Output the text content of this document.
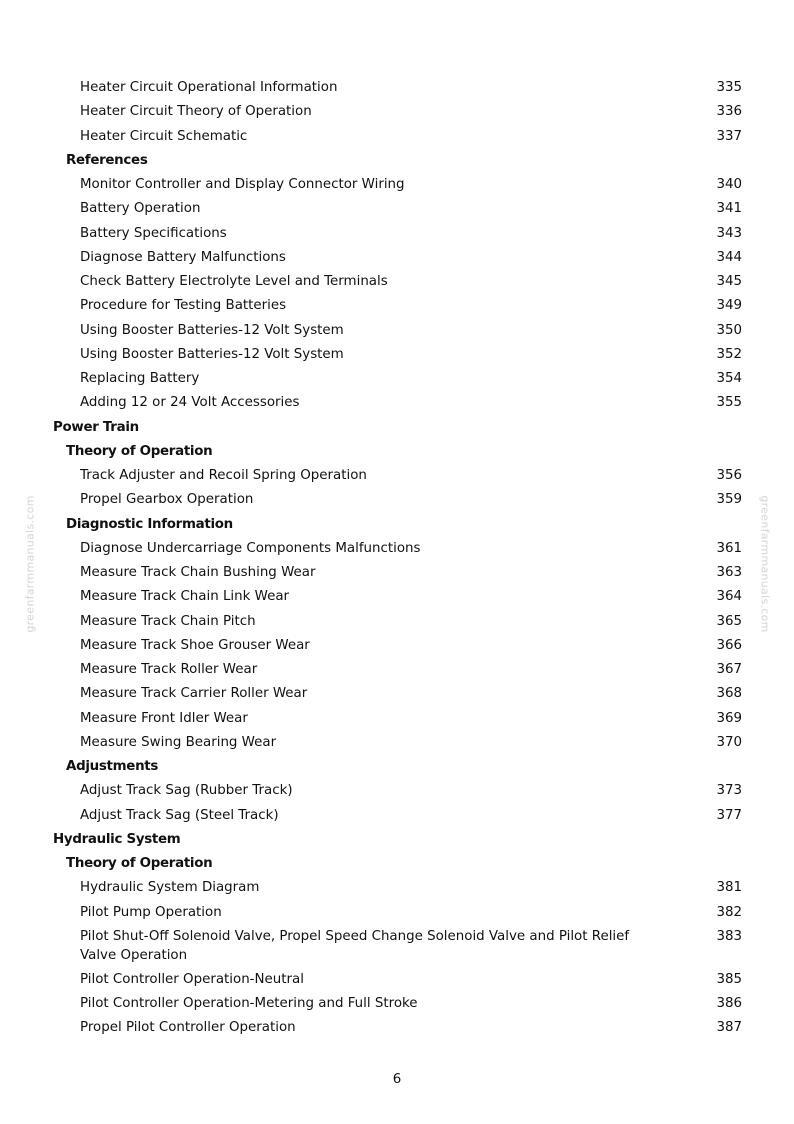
greenfarmmanuals.com	greenfarmmanuals.com
Heater Circuit Operational Information	335
Heater Circuit Theory of Operation	336
Heater Circuit Schematic	337
References
Monitor Controller and Display Connector Wiring	340
Battery Operation	341
Battery Specifications	343
Diagnose Battery Malfunctions	344
Check Battery Electrolyte Level and Terminals	345
Procedure for Testing Batteries	349
Using Booster Batteries-12 Volt System	350
Using Booster Batteries-12 Volt System	352
Replacing Battery	354
Adding 12 or 24 Volt Accessories	355
Power Train
Theory of Operation
Track Adjuster and Recoil Spring Operation	356
Propel Gearbox Operation	359
Diagnostic Information
Diagnose Undercarriage Components Malfunctions	361
Measure Track Chain Bushing Wear	363
Measure Track Chain Link Wear	364
Measure Track Chain Pitch	365
Measure Track Shoe Grouser Wear	366
Measure Track Roller Wear	367
Measure Track Carrier Roller Wear	368
Measure Front Idler Wear	369
Measure Swing Bearing Wear	370
Adjustments
Adjust Track Sag (Rubber Track)	373
Adjust Track Sag (Steel Track)	377
Hydraulic System
Theory of Operation
Hydraulic System Diagram	381
Pilot Pump Operation	382
Pilot Shut-Off Solenoid Valve, Propel Speed Change Solenoid Valve and Pilot Relief Valve Operation
383
Pilot Controller Operation-Neutral	385
Pilot Controller Operation-Metering and Full Stroke	386
Propel Pilot Controller Operation	387
6
